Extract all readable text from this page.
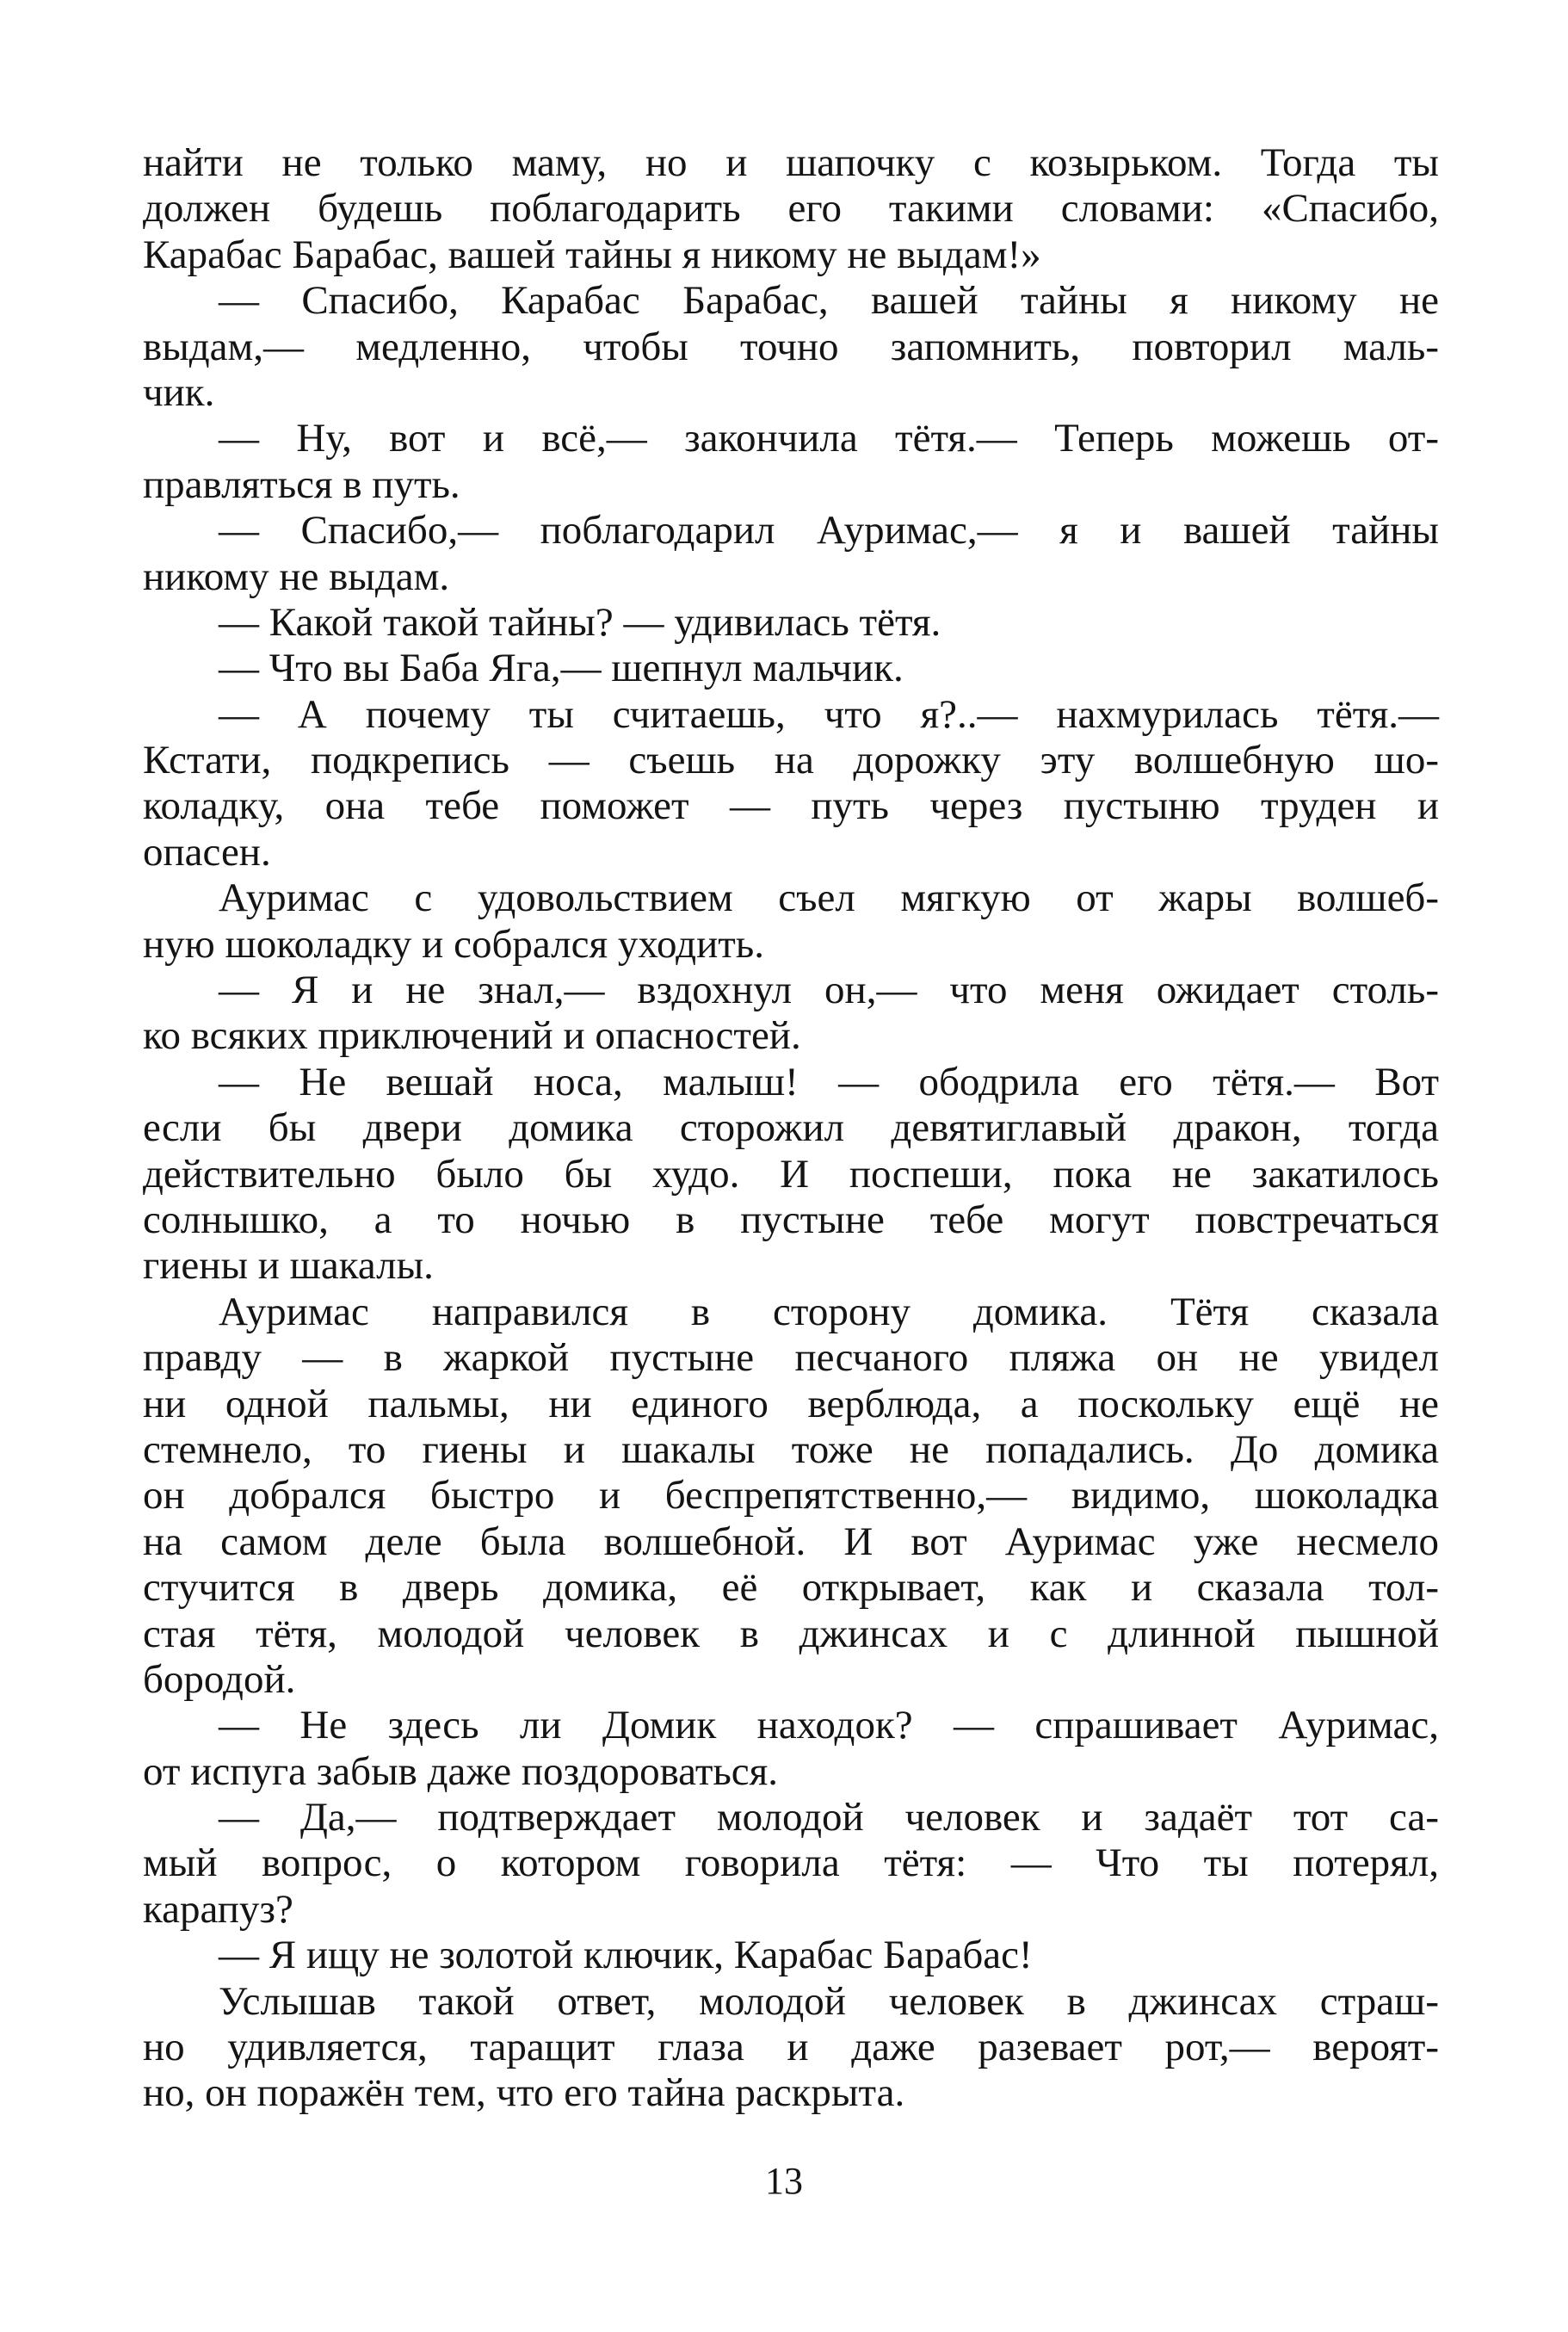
найти не только маму, но и шапочку с козырьком. Тогда ты
должен будешь поблагодарить его такими словами: «Спасибо,
Карабас Барабас, вашей тайны я никому не выдам!»
— Спасибо, Карабас Барабас, вашей тайны я никому не
выдам,— медленно, чтобы точно запомнить, повторил маль-
чик.
— Ну, вот и всё,— закончила тётя.— Теперь можешь от-
правляться в путь.
— Спасибо,— поблагодарил Ауримас,— я и вашей тайны
никому не выдам.
— Какой такой тайны? — удивилась тётя.
— Что вы Баба Яга,— шепнул мальчик.
— А почему ты считаешь, что я?..— нахмурилась тётя.—
Кстати, подкрепись — съешь на дорожку эту волшебную шо-
коладку, она тебе поможет — путь через пустыню труден и
опасен.
Ауримас с удовольствием съел мягкую от жары волшеб-
ную шоколадку и собрался уходить.
— Я и не знал,— вздохнул он,— что меня ожидает столь-
ко всяких приключений и опасностей.
— Не вешай носа, малыш! — ободрила его тётя.— Вот
если бы двери домика сторожил девятиглавый дракон, тогда
действительно было бы худо. И поспеши, пока не закатилось
солнышко, а то ночью в пустыне тебе могут повстречаться
гиены и шакалы.
Ауримас направился в сторону домика. Тётя сказала
правду — в жаркой пустыне песчаного пляжа он не увидел
ни одной пальмы, ни единого верблюда, а поскольку ещё не
стемнело, то гиены и шакалы тоже не попадались. До домика
он добрался быстро и беспрепятственно,— видимо, шоколадка
на самом деле была волшебной. И вот Ауримас уже несмело
стучится в дверь домика, её открывает, как и сказала тол-
стая тётя, молодой человек в джинсах и с длинной пышной
бородой.
— Не здесь ли Домик находок? — спрашивает Ауримас,
от испуга забыв даже поздороваться.
— Да,— подтверждает молодой человек и задаёт тот са-
мый вопрос, о котором говорила тётя: — Что ты потерял,
карапуз?
— Я ищу не золотой ключик, Карабас Барабас!
Услышав такой ответ, молодой человек в джинсах страш-
но удивляется, таращит глаза и даже разевает рот,— вероят-
но, он поражён тем, что его тайна раскрыта.
13
